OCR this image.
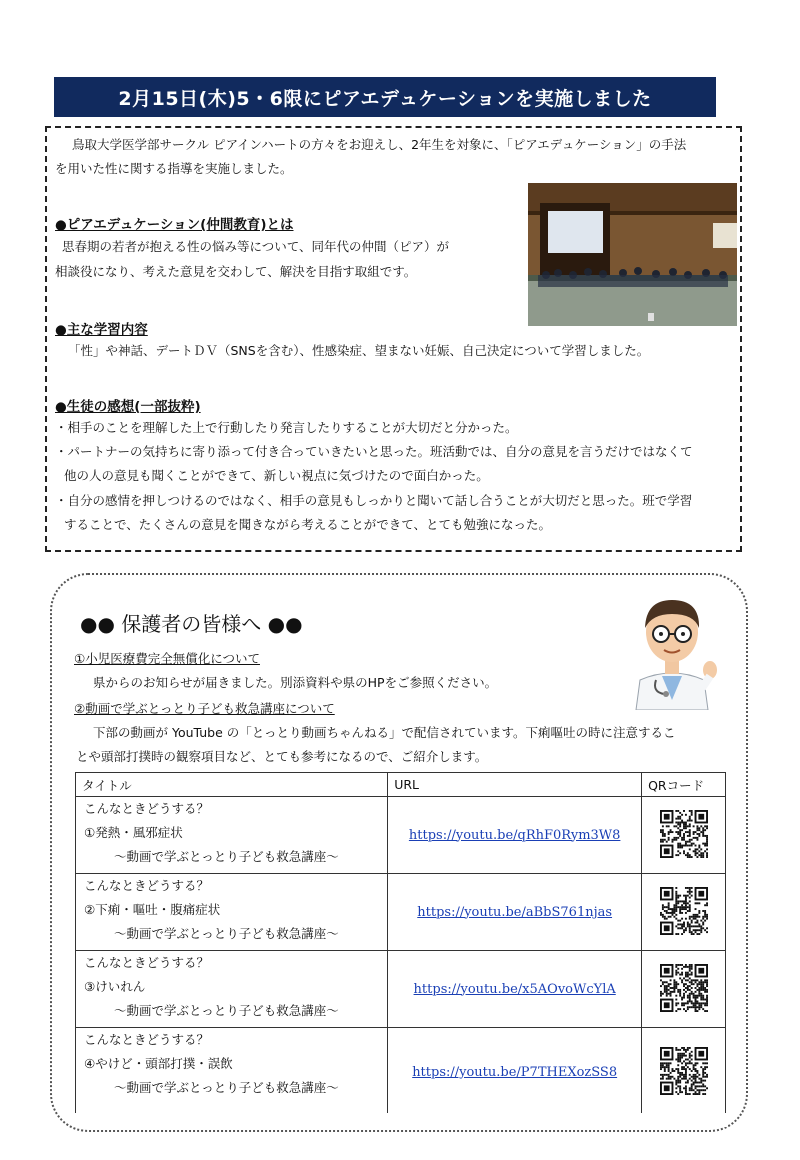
2月15日(木)5・6限にピアエデュケーションを実施しました
鳥取大学医学部サークル ピアインハートの方々をお迎えし、2年生を対象に、「ピアエデュケーション」の手法
を用いた性に関する指導を実施しました。
●ピアエデュケーション(仲間教育)とは
思春期の若者が抱える性の悩み等について、同年代の仲間（ピア）が
相談役になり、考えた意見を交わして、解決を目指す取組です。
●主な学習内容
「性」や神話、デートＤＶ（SNSを含む）、性感染症、望まない妊娠、自己決定について学習しました。
●生徒の感想(一部抜粋)
・相手のことを理解した上で行動したり発言したりすることが大切だと分かった。
・パートナーの気持ちに寄り添って付き合っていきたいと思った。班活動では、自分の意見を言うだけではなくて
他の人の意見も聞くことができて、新しい視点に気づけたので面白かった。
・自分の感情を押しつけるのではなく、相手の意見もしっかりと聞いて話し合うことが大切だと思った。班で学習
することで、たくさんの意見を聞きながら考えることができて、とても勉強になった。
●● 保護者の皆様へ ●●
①小児医療費完全無償化について
県からのお知らせが届きました。別添資料や県のHPをご参照ください。
②動画で学ぶとっとり子ども救急講座について
下部の動画が YouTube の「とっとり動画ちゃんねる」で配信されています。下痢嘔吐の時に注意するこ
とや頭部打撲時の観察項目など、とても参考になるので、ご紹介します。
タイトル	URL	QRコード

こんなときどうする？
①発熱・風邪症状
～動画で学ぶとっとり子ども救急講座～	https://youtu.be/qRhF0Rym3W8	

こんなときどうする？
②下痢・嘔吐・腹痛症状
～動画で学ぶとっとり子ども救急講座～	https://youtu.be/aBbS761njas	

こんなときどうする？
③けいれん
～動画で学ぶとっとり子ども救急講座～	https://youtu.be/x5AOvoWcYlA	

こんなときどうする？
④やけど・頭部打撲・誤飲
～動画で学ぶとっとり子ども救急講座～	https://youtu.be/P7THEXozSS8	
